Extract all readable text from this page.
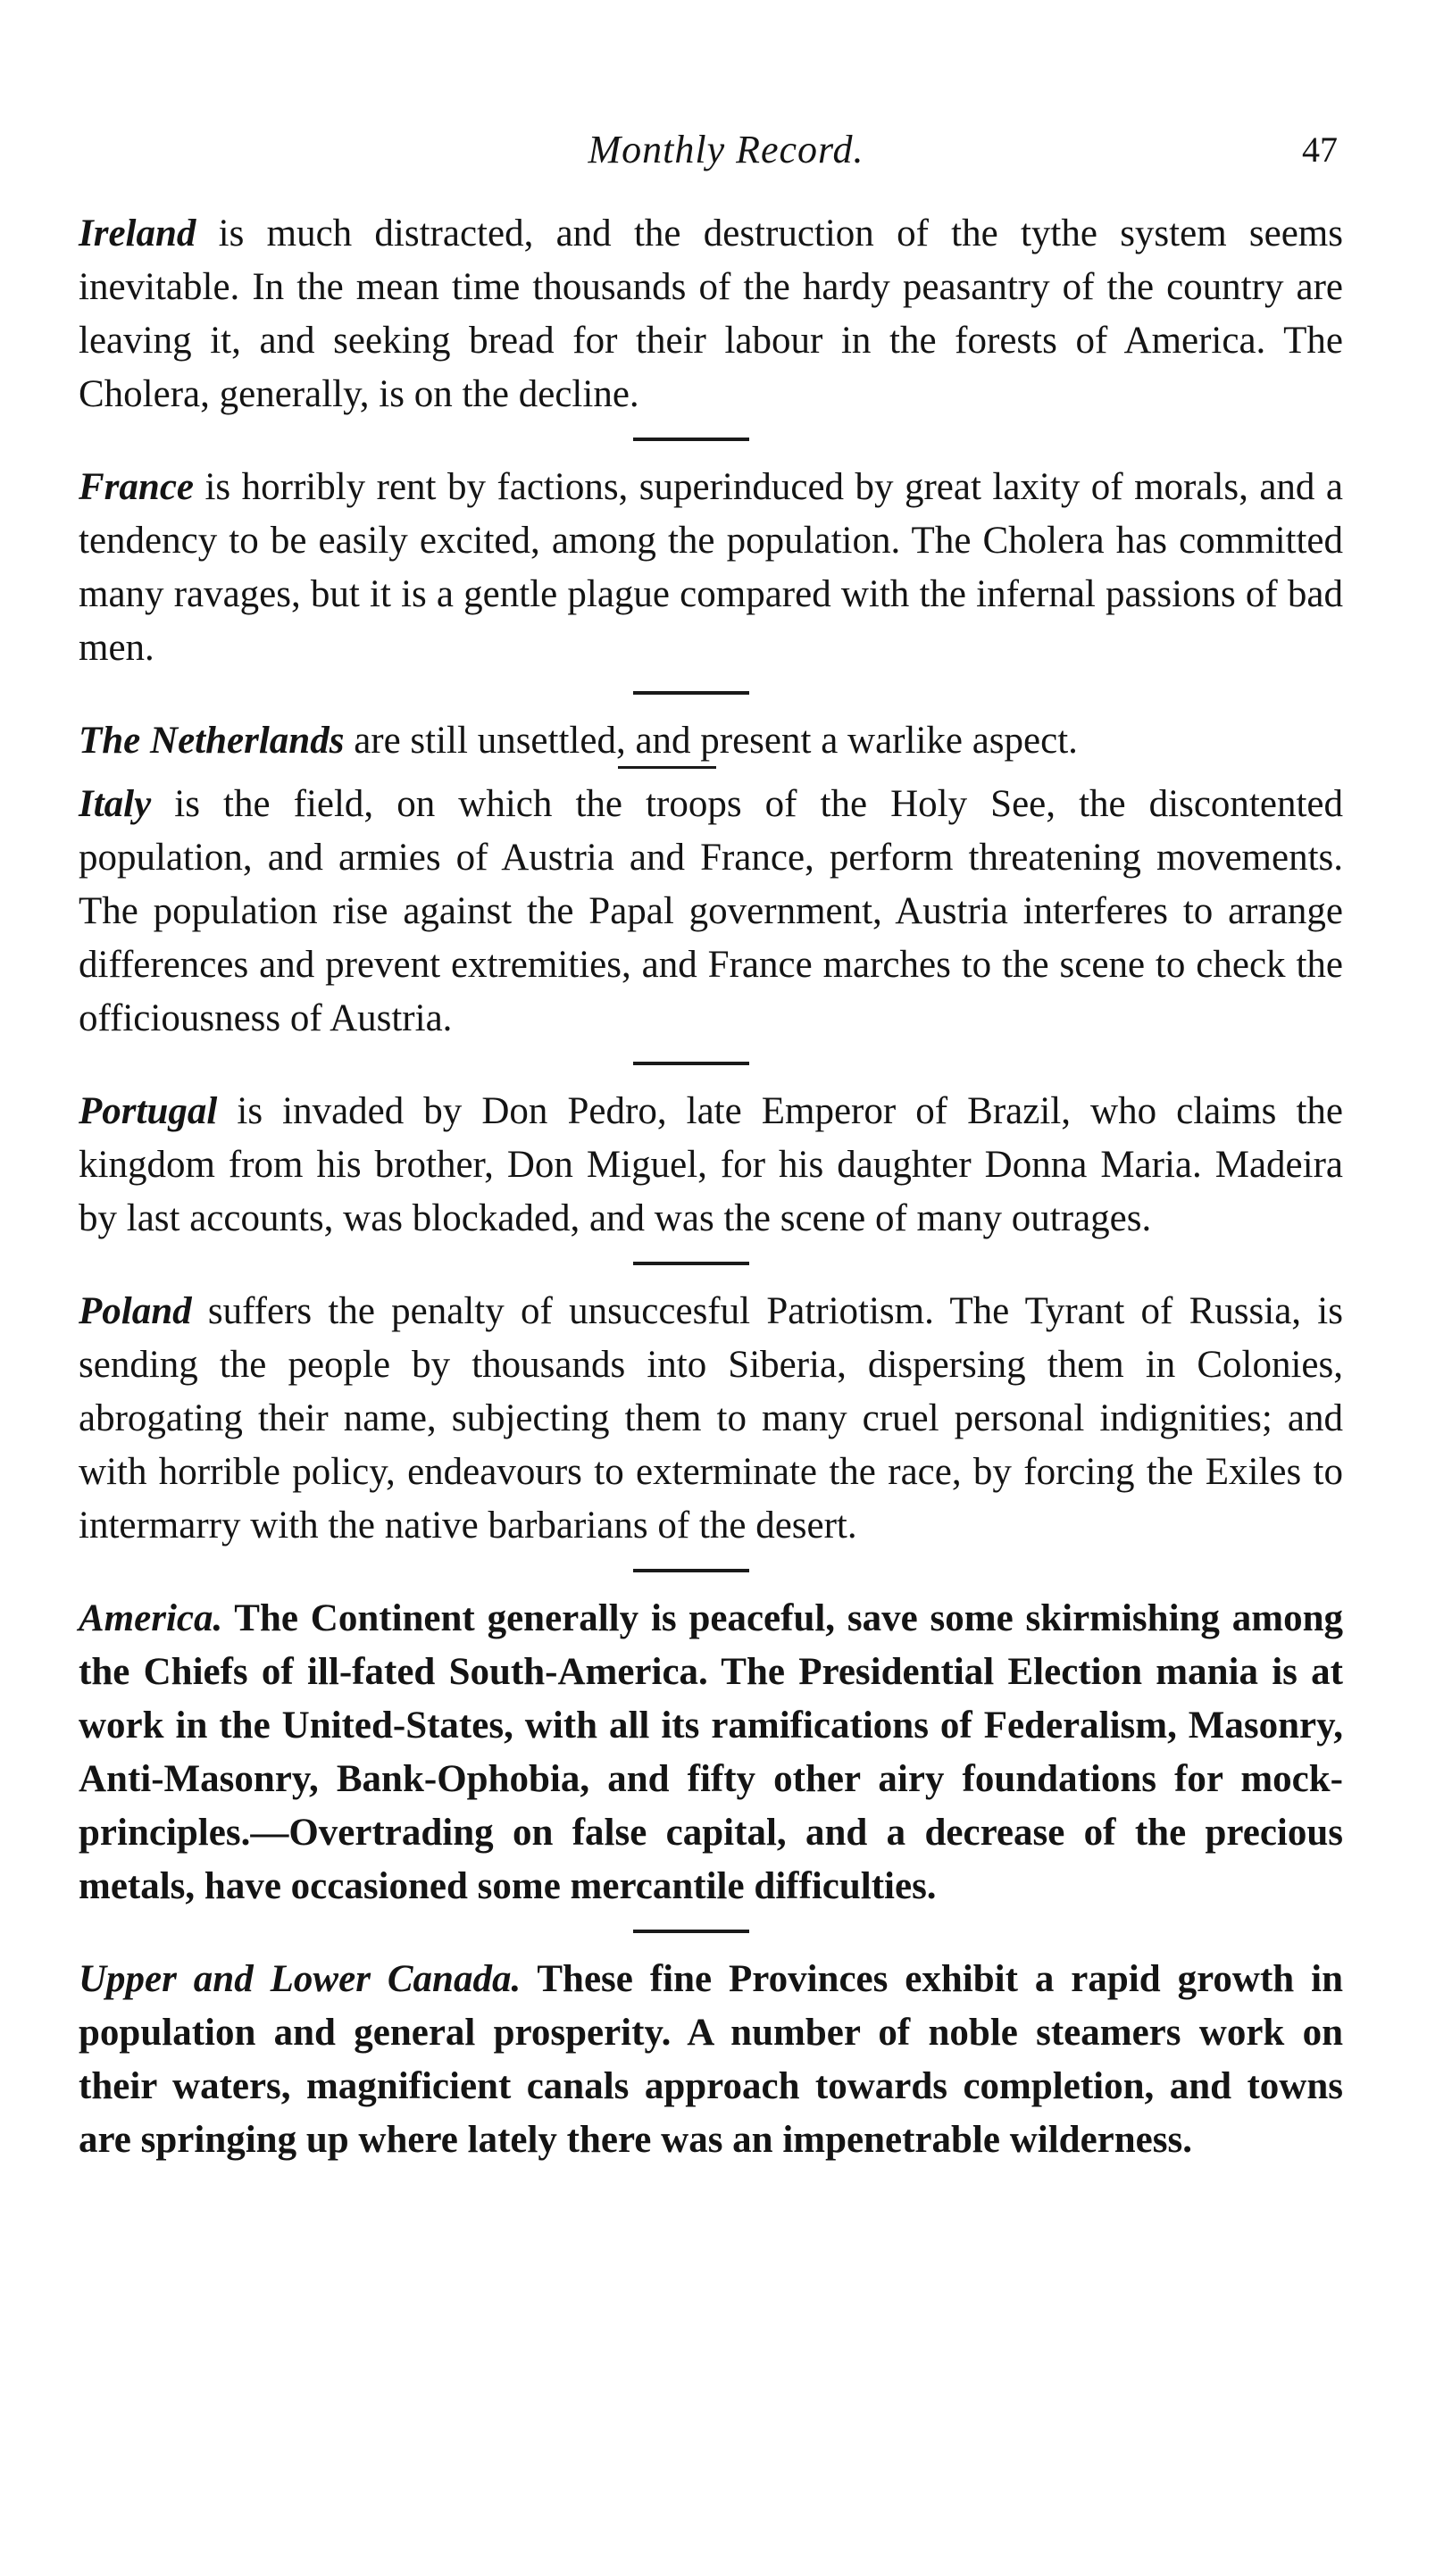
Monthly Record.	47

Ireland is much distracted, and the destruction of the tythe system seems inevitable. In the mean time thousands of the hardy peasantry of the country are leaving it, and seeking bread for their labour in the forests of America. The Cholera, generally, is on the decline.

France is horribly rent by factions, superinduced by great laxity of morals, and a tendency to be easily excited, among the population. The Cholera has committed many ravages, but it is a gentle plague compared with the infernal passions of bad men.

The Netherlands are still unsettled, and present a warlike aspect.

Italy is the field, on which the troops of the Holy See, the discontented population, and armies of Austria and France, perform threatening movements. The population rise against the Papal government, Austria interferes to arrange differences and prevent extremities, and France marches to the scene to check the officiousness of Austria.

Portugal is invaded by Don Pedro, late Emperor of Brazil, who claims the kingdom from his brother, Don Miguel, for his daughter Donna Maria. Madeira by last accounts, was blockaded, and was the scene of many outrages.

Poland suffers the penalty of unsuccesful Patriotism. The Tyrant of Russia, is sending the people by thousands into Siberia, dispersing them in Colonies, abrogating their name, subjecting them to many cruel personal indignities; and with horrible policy, endeavours to exterminate the race, by forcing the Exiles to intermarry with the native barbarians of the desert.

America. The Continent generally is peaceful, save some skirmishing among the Chiefs of ill-fated South-America. The Presidential Election mania is at work in the United-States, with all its ramifications of Federalism, Masonry, Anti-Masonry, Bank-Ophobia, and fifty other airy foundations for mock-principles.—Overtrading on false capital, and a decrease of the precious metals, have occasioned some mercantile difficulties.

Upper and Lower Canada. These fine Provinces exhibit a rapid growth in population and general prosperity. A number of noble steamers work on their waters, magnificient canals approach towards completion, and towns are springing up where lately there was an impenetrable wilderness.
